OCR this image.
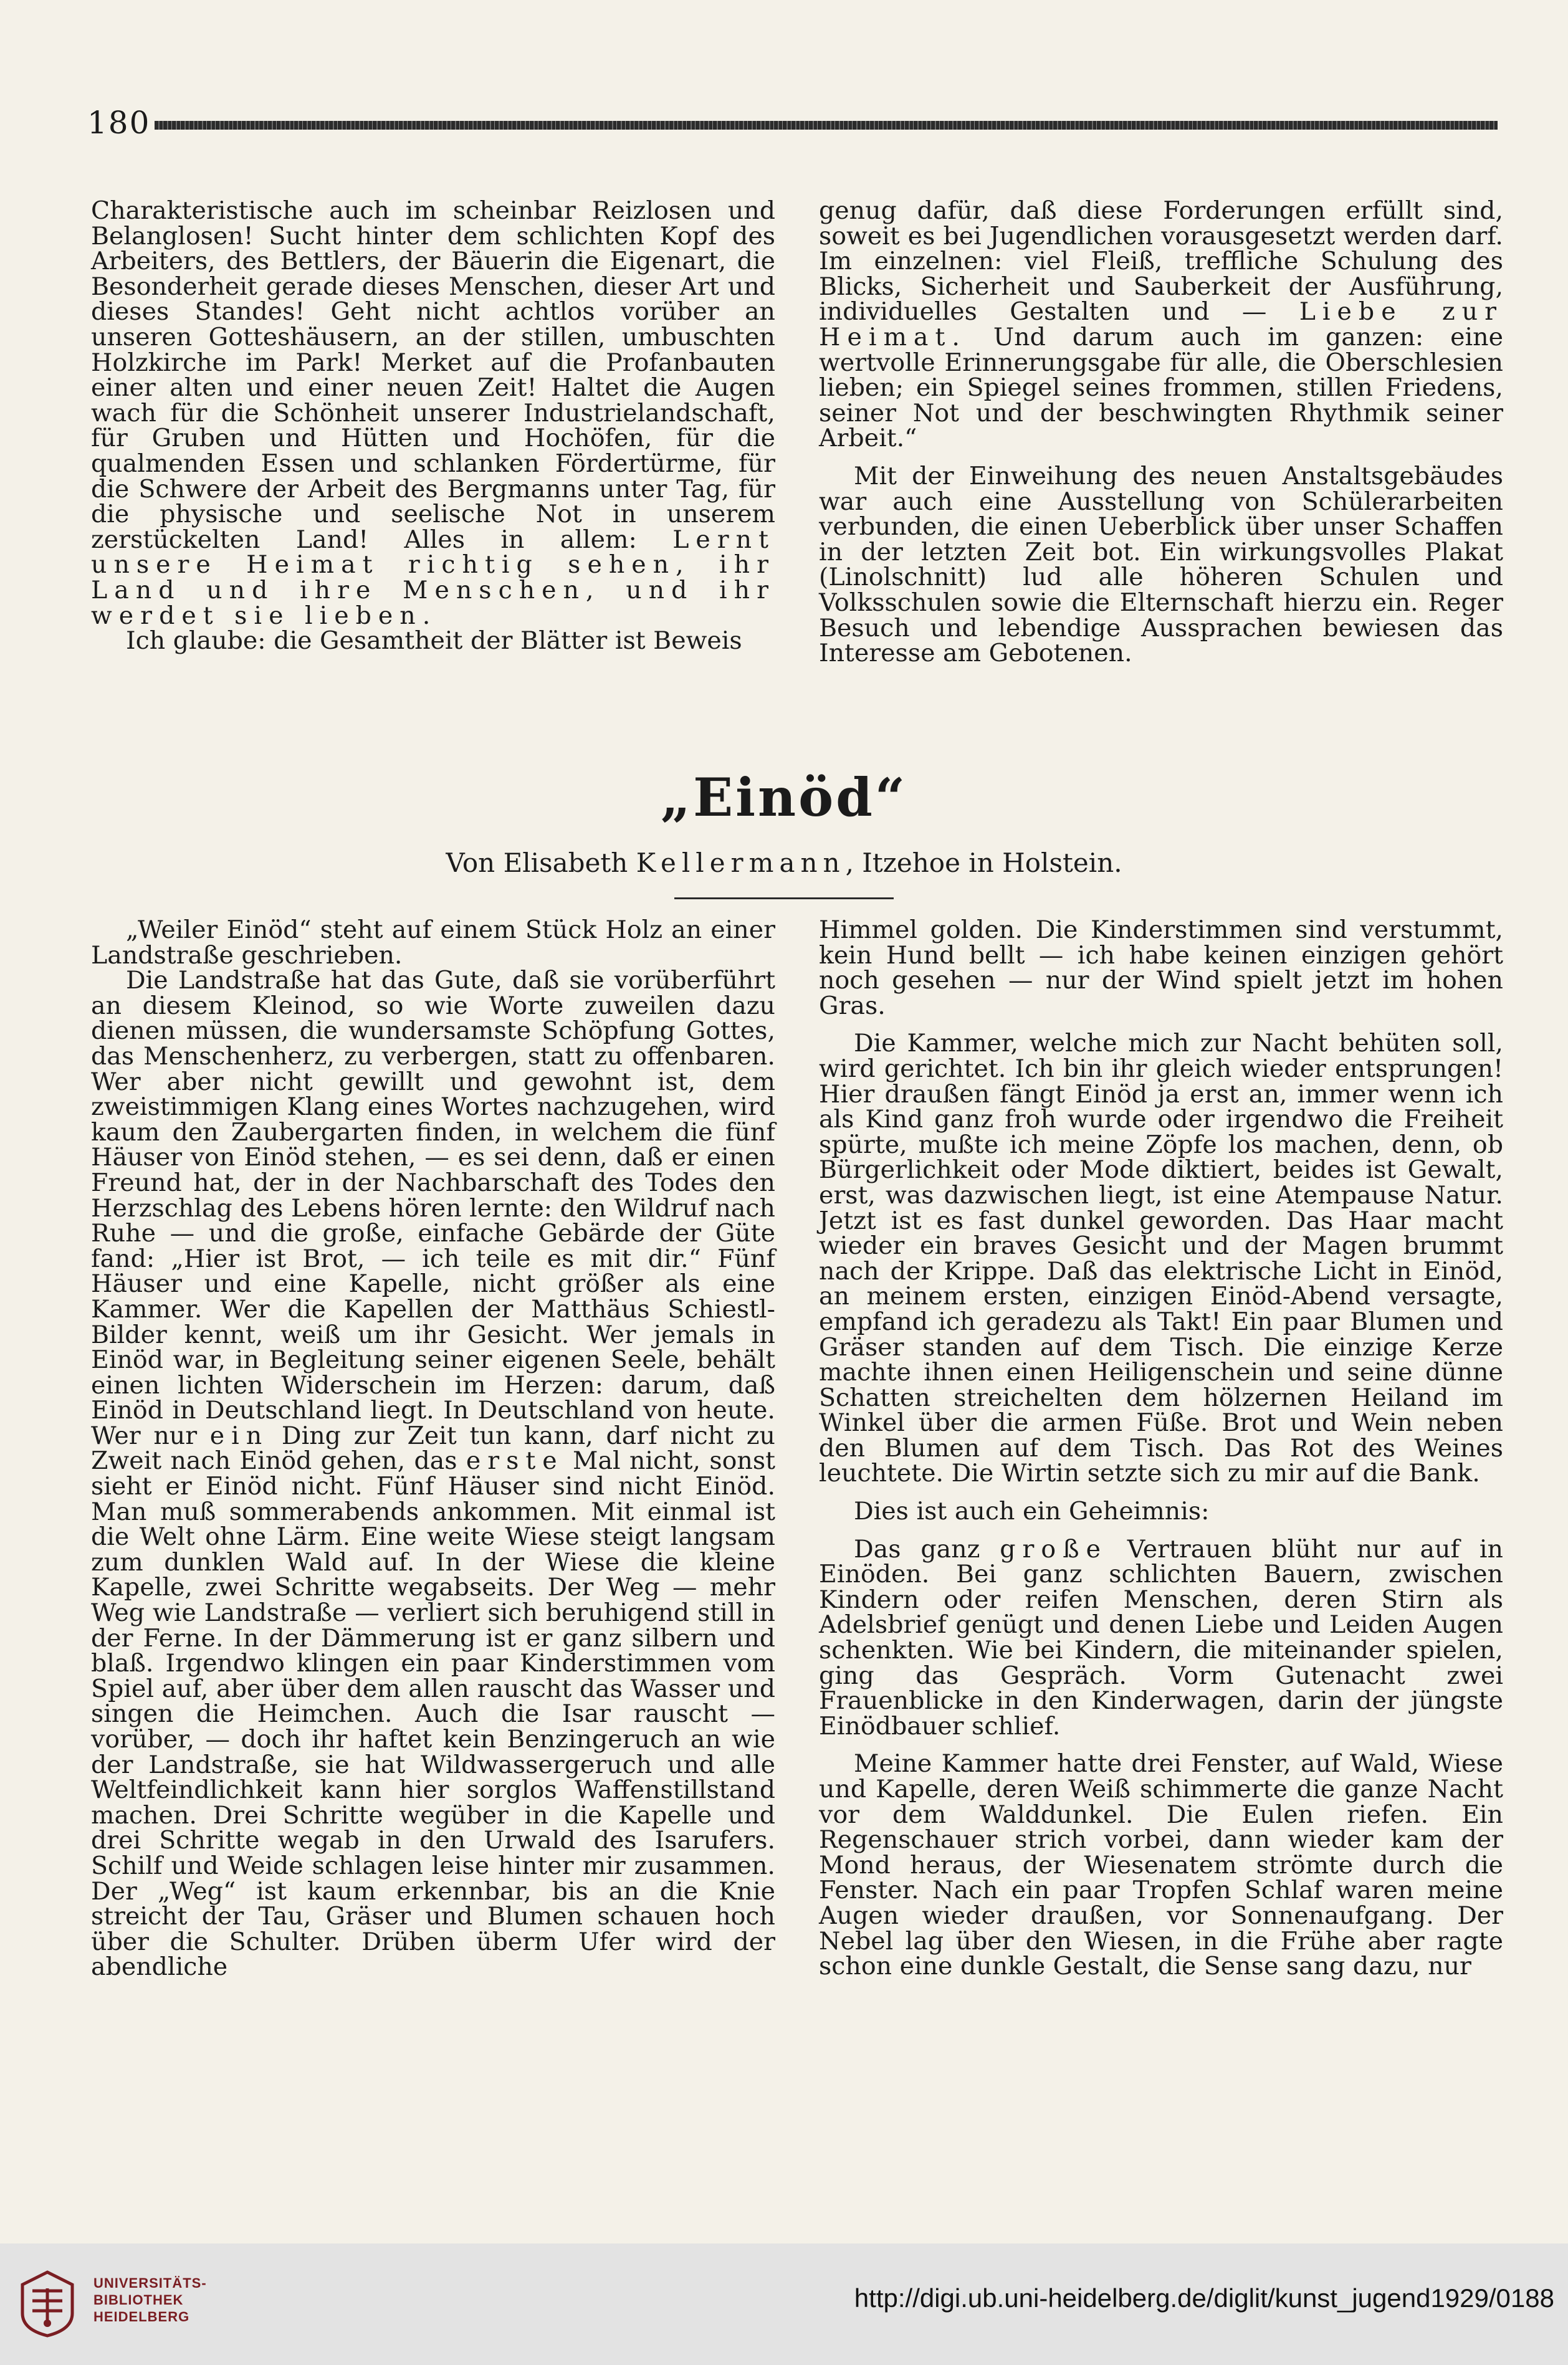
180

Charakteristische auch im scheinbar Reizlosen und Belanglosen! Sucht hinter dem schlichten Kopf des Arbeiters, des Bettlers, der Bäuerin die Eigenart, die Besonderheit gerade dieses Menschen, dieser Art und dieses Standes! Geht nicht achtlos vorüber an unseren Gotteshäusern, an der stillen, umbuschten Holzkirche im Park! Merket auf die Profanbauten einer alten und einer neuen Zeit! Haltet die Augen wach für die Schönheit unserer Industrielandschaft, für Gruben und Hütten und Hochöfen, für die qualmenden Essen und schlanken Fördertürme, für die Schwere der Arbeit des Bergmanns unter Tag, für die physische und seelische Not in unserem zerstückelten Land! Alles in allem: Lernt unsere Heimat richtig sehen, ihr Land und ihre Menschen, und ihr werdet sie lieben.

Ich glaube: die Gesamtheit der Blätter ist Beweis

genug dafür, daß diese Forderungen erfüllt sind, soweit es bei Jugendlichen vorausgesetzt werden darf. Im einzelnen: viel Fleiß, treffliche Schulung des Blicks, Sicherheit und Sauberkeit der Ausführung, individuelles Gestalten und — Liebe zur Heimat. Und darum auch im ganzen: eine wertvolle Erinnerungsgabe für alle, die Oberschlesien lieben; ein Spiegel seines frommen, stillen Friedens, seiner Not und der beschwingten Rhythmik seiner Arbeit.“

Mit der Einweihung des neuen Anstaltsgebäudes war auch eine Ausstellung von Schülerarbeiten verbunden, die einen Ueberblick über unser Schaffen in der letzten Zeit bot. Ein wirkungsvolles Plakat (Linolschnitt) lud alle höheren Schulen und Volksschulen sowie die Elternschaft hierzu ein. Reger Besuch und lebendige Aussprachen bewiesen das Interesse am Gebotenen.

„Einöd“
Von Elisabeth Kellermann, Itzehoe in Holstein.

„Weiler Einöd“ steht auf einem Stück Holz an einer Landstraße geschrieben.

Die Landstraße hat das Gute, daß sie vorüberführt an diesem Kleinod, so wie Worte zuweilen dazu dienen müssen, die wundersamste Schöpfung Gottes, das Menschenherz, zu verbergen, statt zu offenbaren. Wer aber nicht gewillt und gewohnt ist, dem zweistimmigen Klang eines Wortes nachzugehen, wird kaum den Zaubergarten finden, in welchem die fünf Häuser von Einöd stehen, — es sei denn, daß er einen Freund hat, der in der Nachbarschaft des Todes den Herzschlag des Lebens hören lernte: den Wildruf nach Ruhe — und die große, einfache Gebärde der Güte fand: „Hier ist Brot, — ich teile es mit dir.“ Fünf Häuser und eine Kapelle, nicht größer als eine Kammer. Wer die Kapellen der Matthäus Schiestl-Bilder kennt, weiß um ihr Gesicht. Wer jemals in Einöd war, in Begleitung seiner eigenen Seele, behält einen lichten Widerschein im Herzen: darum, daß Einöd in Deutschland liegt. In Deutschland von heute. Wer nur ein Ding zur Zeit tun kann, darf nicht zu Zweit nach Einöd gehen, das erste Mal nicht, sonst sieht er Einöd nicht. Fünf Häuser sind nicht Einöd. Man muß sommerabends ankommen. Mit einmal ist die Welt ohne Lärm. Eine weite Wiese steigt langsam zum dunklen Wald auf. In der Wiese die kleine Kapelle, zwei Schritte wegabseits. Der Weg — mehr Weg wie Landstraße — verliert sich beruhigend still in der Ferne. In der Dämmerung ist er ganz silbern und blaß. Irgendwo klingen ein paar Kinderstimmen vom Spiel auf, aber über dem allen rauscht das Wasser und singen die Heimchen. Auch die Isar rauscht — vorüber, — doch ihr haftet kein Benzingeruch an wie der Landstraße, sie hat Wildwassergeruch und alle Weltfeindlichkeit kann hier sorglos Waffenstillstand machen. Drei Schritte wegüber in die Kapelle und drei Schritte wegab in den Urwald des Isarufers. Schilf und Weide schlagen leise hinter mir zusammen. Der „Weg“ ist kaum erkennbar, bis an die Knie streicht der Tau, Gräser und Blumen schauen hoch über die Schulter. Drüben überm Ufer wird der abendliche

Himmel golden. Die Kinderstimmen sind verstummt, kein Hund bellt — ich habe keinen einzigen gehört noch gesehen — nur der Wind spielt jetzt im hohen Gras.

Die Kammer, welche mich zur Nacht behüten soll, wird gerichtet. Ich bin ihr gleich wieder entsprungen! Hier draußen fängt Einöd ja erst an, immer wenn ich als Kind ganz froh wurde oder irgendwo die Freiheit spürte, mußte ich meine Zöpfe los machen, denn, ob Bürgerlichkeit oder Mode diktiert, beides ist Gewalt, erst, was dazwischen liegt, ist eine Atempause Natur. Jetzt ist es fast dunkel geworden. Das Haar macht wieder ein braves Gesicht und der Magen brummt nach der Krippe. Daß das elektrische Licht in Einöd, an meinem ersten, einzigen Einöd-Abend versagte, empfand ich geradezu als Takt! Ein paar Blumen und Gräser standen auf dem Tisch. Die einzige Kerze machte ihnen einen Heiligenschein und seine dünne Schatten streichelten dem hölzernen Heiland im Winkel über die armen Füße. Brot und Wein neben den Blumen auf dem Tisch. Das Rot des Weines leuchtete. Die Wirtin setzte sich zu mir auf die Bank.

Dies ist auch ein Geheimnis:

Das ganz große Vertrauen blüht nur auf in Einöden. Bei ganz schlichten Bauern, zwischen Kindern oder reifen Menschen, deren Stirn als Adelsbrief genügt und denen Liebe und Leiden Augen schenkten. Wie bei Kindern, die miteinander spielen, ging das Gespräch. Vorm Gutenacht zwei Frauenblicke in den Kinderwagen, darin der jüngste Einödbauer schlief.

Meine Kammer hatte drei Fenster, auf Wald, Wiese und Kapelle, deren Weiß schimmerte die ganze Nacht vor dem Walddunkel. Die Eulen riefen. Ein Regenschauer strich vorbei, dann wieder kam der Mond heraus, der Wiesenatem strömte durch die Fenster. Nach ein paar Tropfen Schlaf waren meine Augen wieder draußen, vor Sonnenaufgang. Der Nebel lag über den Wiesen, in die Frühe aber ragte schon eine dunkle Gestalt, die Sense sang dazu, nur

UNIVERSITÄTS-
BIBLIOTHEK
HEIDELBERG
http://digi.ub.uni-heidelberg.de/diglit/kunst_jugend1929/0188
